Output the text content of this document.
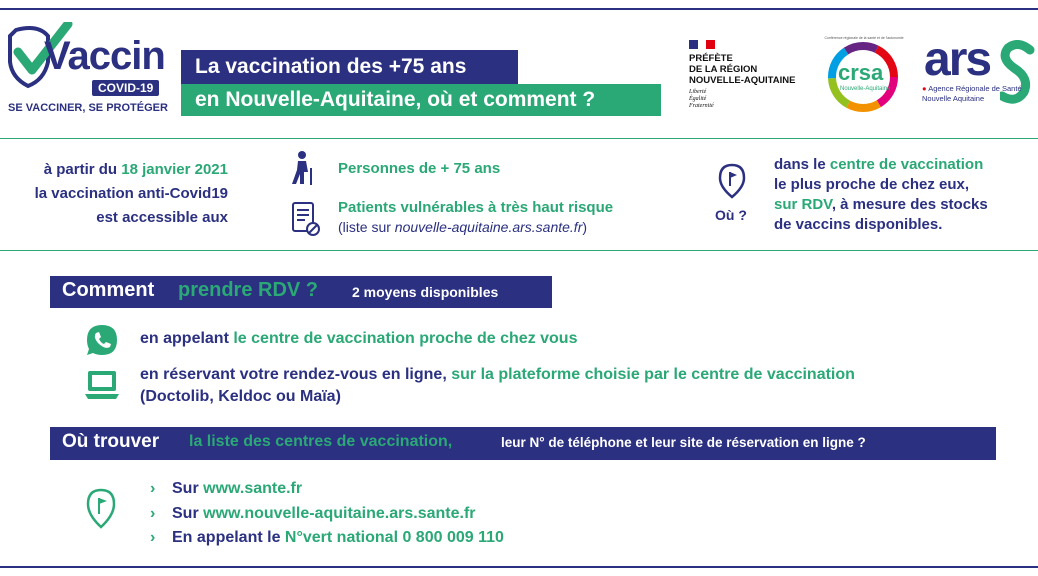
Vaccin
COVID-19
SE VACCINER, SE PROTÉGER
La vaccination des +75 ans
en Nouvelle-Aquitaine, où et comment ?
PRÉFÈTE
DE LA RÉGION
NOUVELLE-AQUITAINE
Liberté
Égalité
Fraternité
Conférence régionale de la santé et de l'autonomie
crsa
Nouvelle-Aquitaine
ars
● Agence Régionale de Santé
Nouvelle Aquitaine
à partir du 18 janvier 2021
la vaccination anti-Covid19
est accessible aux
Personnes de + 75 ans
Patients vulnérables à très haut risque
(liste sur nouvelle-aquitaine.ars.sante.fr)
Où ?
dans le centre de vaccination
le plus proche de chez eux,
sur RDV, à mesure des stocks
de vaccins disponibles.
Comment prendre RDV ? 2 moyens disponibles
en appelant le centre de vaccination proche de chez vous
en réservant votre rendez-vous en ligne, sur la plateforme choisie par le centre de vaccination
(Doctolib, Keldoc ou Maïa)
Où trouver la liste des centres de vaccination,	leur N° de téléphone et leur site de réservation en ligne ?
› Sur www.sante.fr
› Sur www.nouvelle-aquitaine.ars.sante.fr
› En appelant le N°vert national 0 800 009 110
